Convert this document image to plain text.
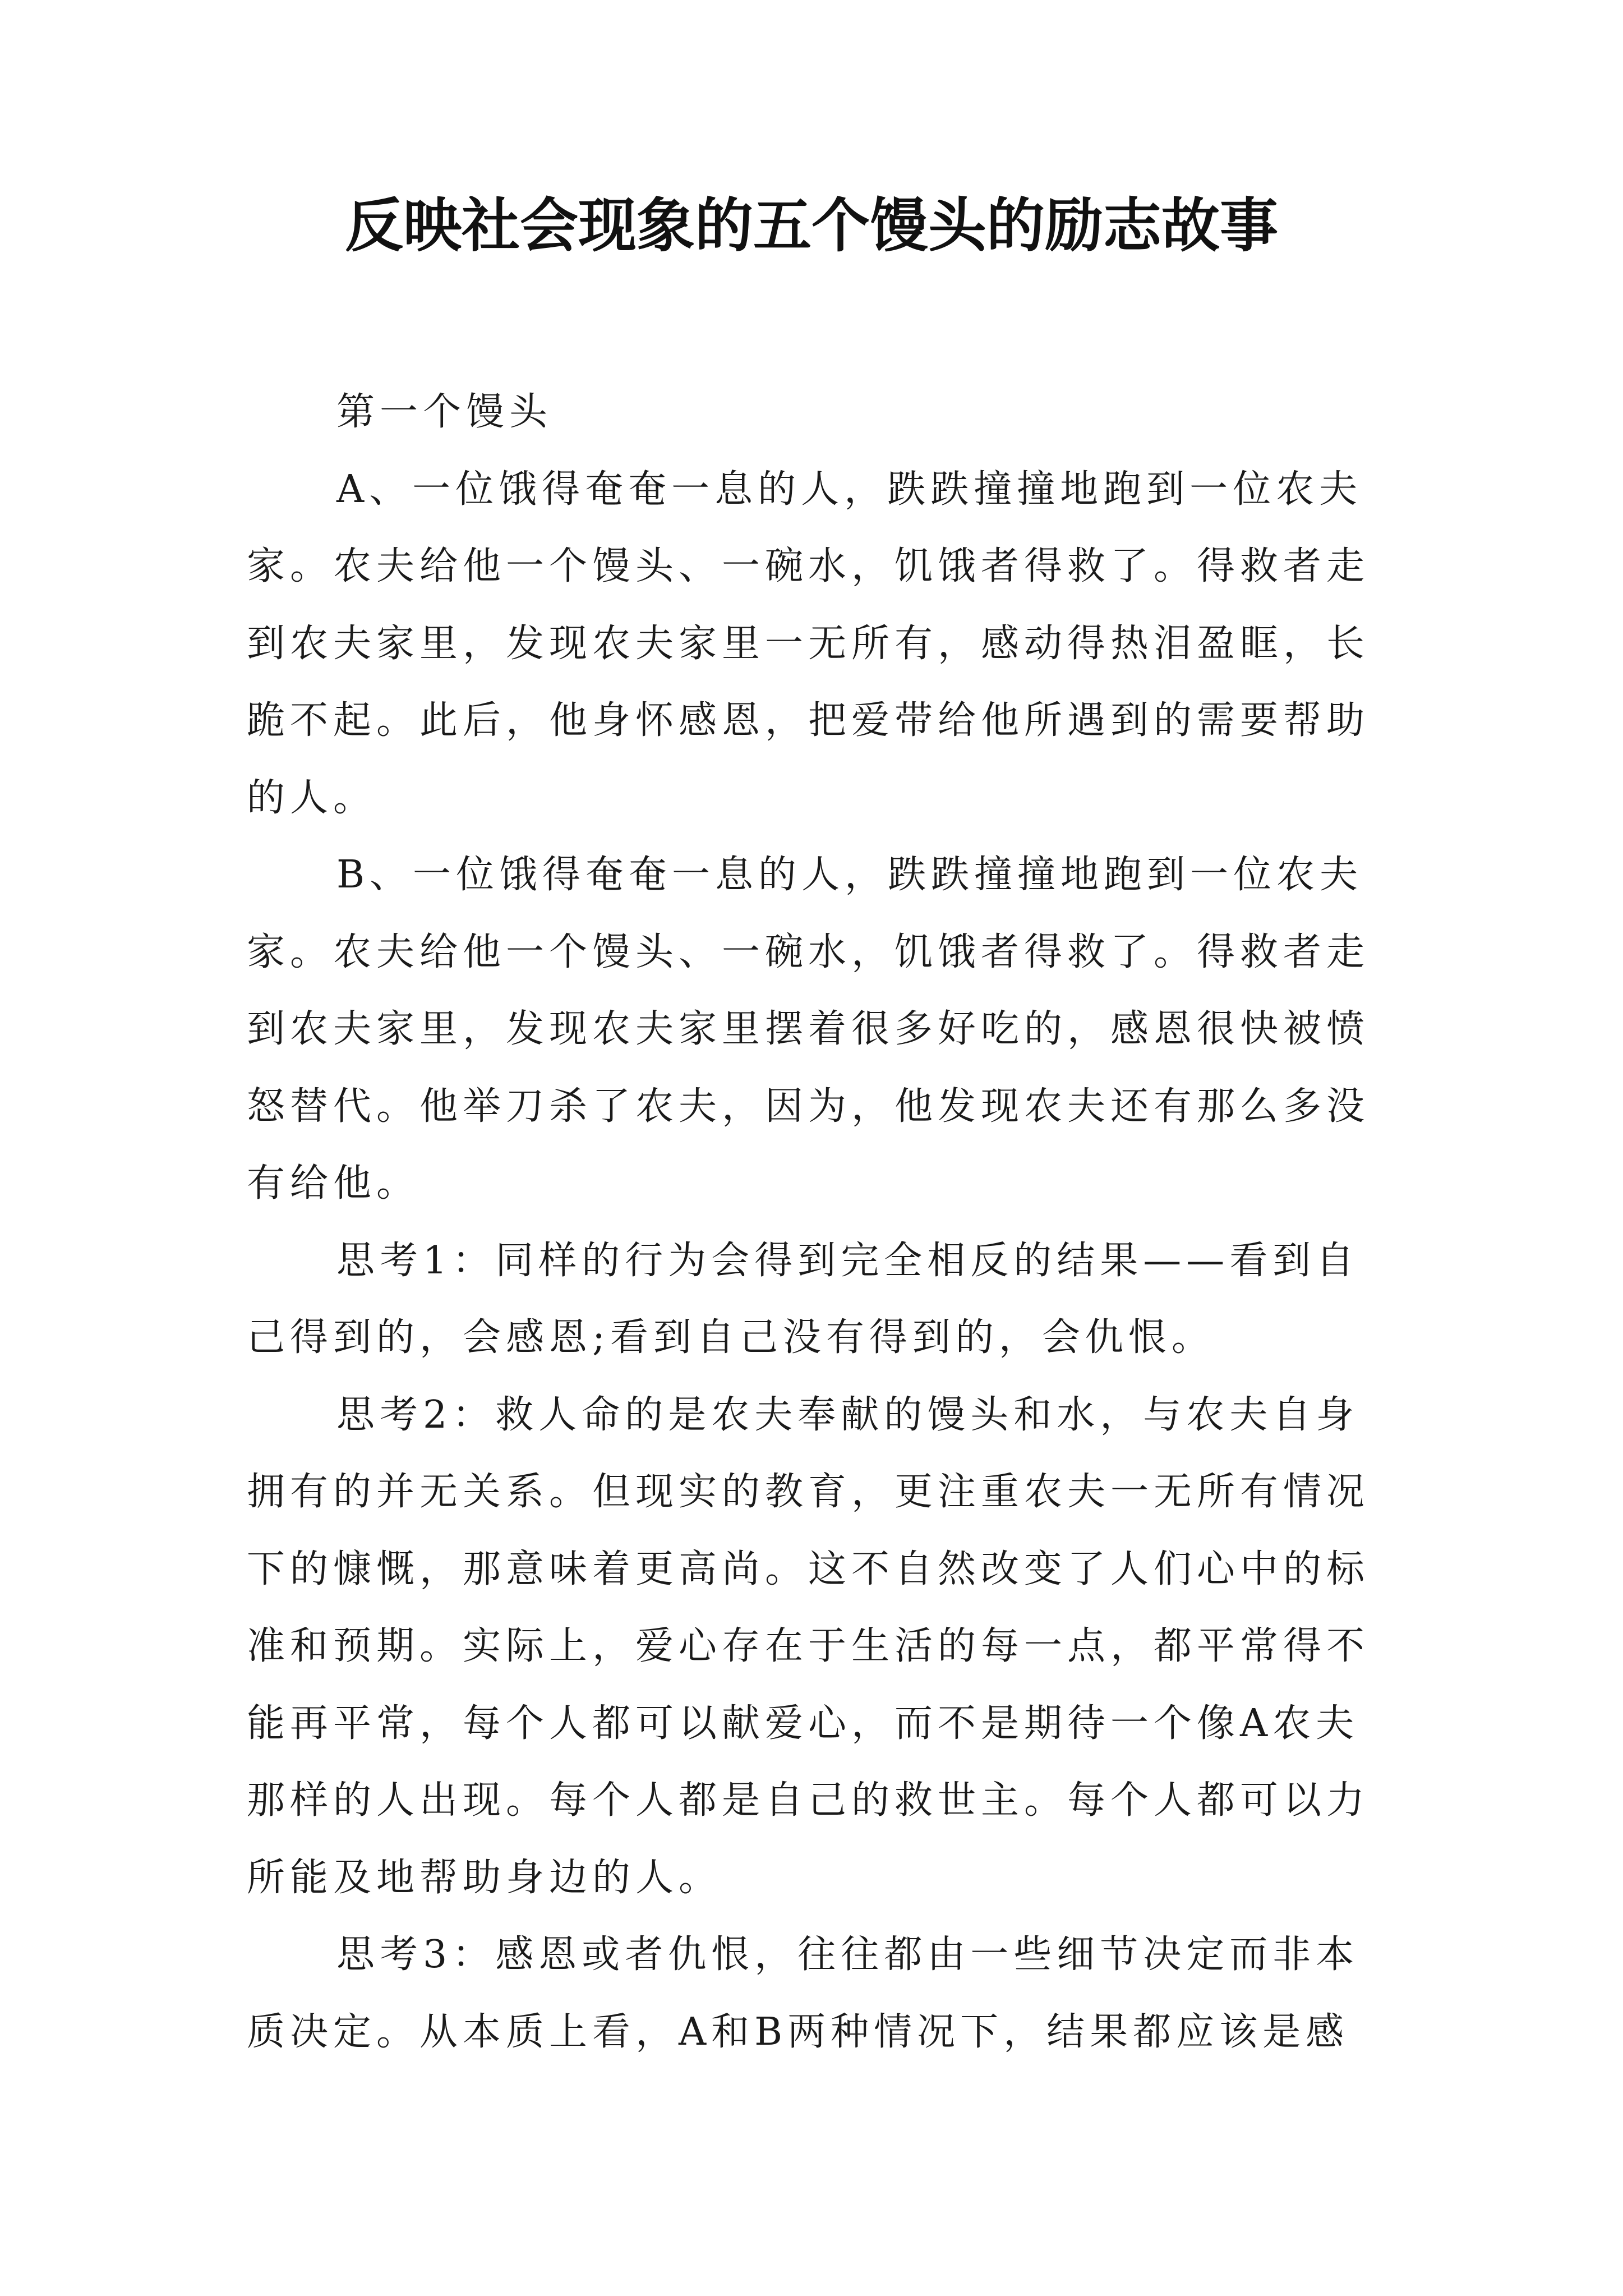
反映社会现象的五个馒头的励志故事

第一个馒头

A、一位饿得奄奄一息的人，跌跌撞撞地跑到一位农夫家。农夫给他一个馒头、一碗水，饥饿者得救了。得救者走到农夫家里，发现农夫家里一无所有，感动得热泪盈眶，长跪不起。此后，他身怀感恩，把爱带给他所遇到的需要帮助的人。

B、一位饿得奄奄一息的人，跌跌撞撞地跑到一位农夫家。农夫给他一个馒头、一碗水，饥饿者得救了。得救者走到农夫家里，发现农夫家里摆着很多好吃的，感恩很快被愤怒替代。他举刀杀了农夫，因为，他发现农夫还有那么多没有给他。

思考1：同样的行为会得到完全相反的结果——看到自己得到的，会感恩;看到自己没有得到的，会仇恨。

思考2：救人命的是农夫奉献的馒头和水，与农夫自身拥有的并无关系。但现实的教育，更注重农夫一无所有情况下的慷慨，那意味着更高尚。这不自然改变了人们心中的标准和预期。实际上，爱心存在于生活的每一点，都平常得不能再平常，每个人都可以献爱心，而不是期待一个像A农夫那样的人出现。每个人都是自己的救世主。每个人都可以力所能及地帮助身边的人。

思考3：感恩或者仇恨，往往都由一些细节决定而非本质决定。从本质上看，A和B两种情况下，结果都应该是感
